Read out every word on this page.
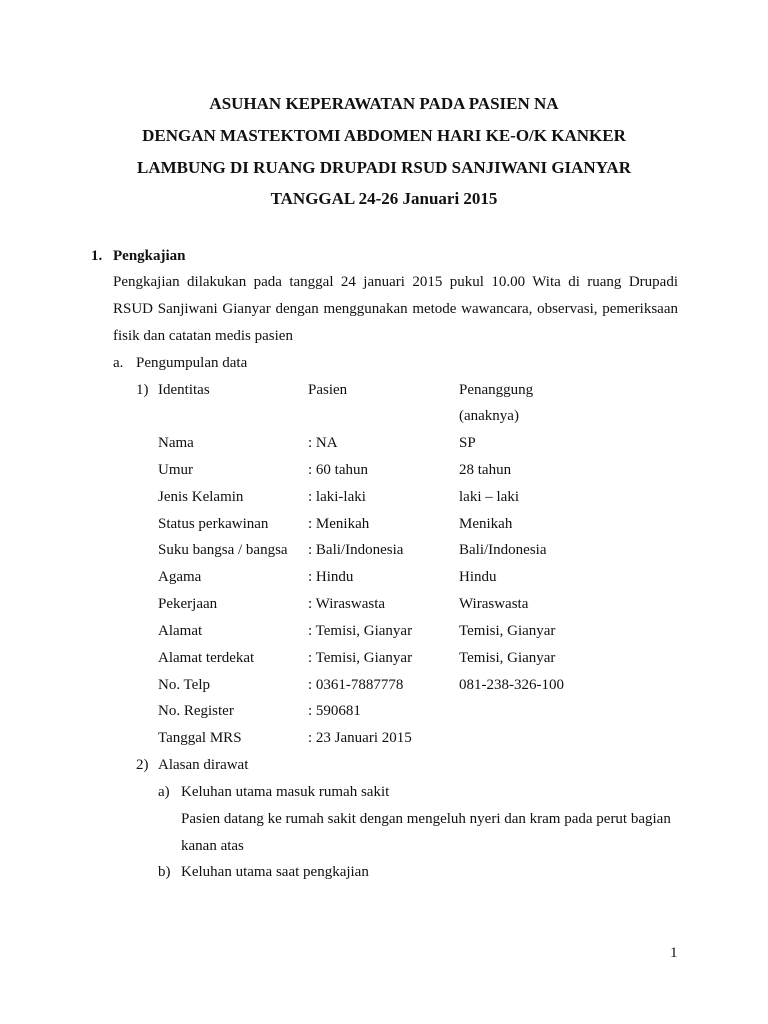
ASUHAN KEPERAWATAN PADA PASIEN NA
DENGAN MASTEKTOMI ABDOMEN HARI KE-O/K KANKER
LAMBUNG DI RUANG DRUPADI RSUD SANJIWANI GIANYAR
TANGGAL 24-26 Januari 2015
1. Pengkajian
Pengkajian dilakukan pada tanggal 24 januari 2015 pukul 10.00 Wita di ruang Drupadi
RSUD Sanjiwani Gianyar dengan menggunakan metode wawancara, observasi, pemeriksaan
fisik dan catatan medis pasien
a. Pengumpulan data
1) Identitas	Pasien	Penanggung
(anaknya)
Nama	: NA	SP
Umur	: 60 tahun	28 tahun
Jenis Kelamin	: laki-laki	laki – laki
Status perkawinan	: Menikah	Menikah
Suku bangsa / bangsa : Bali/Indonesia	Bali/Indonesia
Agama	: Hindu	Hindu
Pekerjaan	: Wiraswasta	Wiraswasta
Alamat	: Temisi, Gianyar	Temisi, Gianyar
Alamat terdekat	: Temisi, Gianyar	Temisi, Gianyar
No. Telp	: 0361-7887778	081-238-326-100
No. Register	: 590681
Tanggal MRS	: 23 Januari 2015
2) Alasan dirawat
a) Keluhan utama masuk rumah sakit
Pasien datang ke rumah sakit dengan mengeluh nyeri dan kram pada perut bagian
kanan atas
b) Keluhan utama saat pengkajian
1
